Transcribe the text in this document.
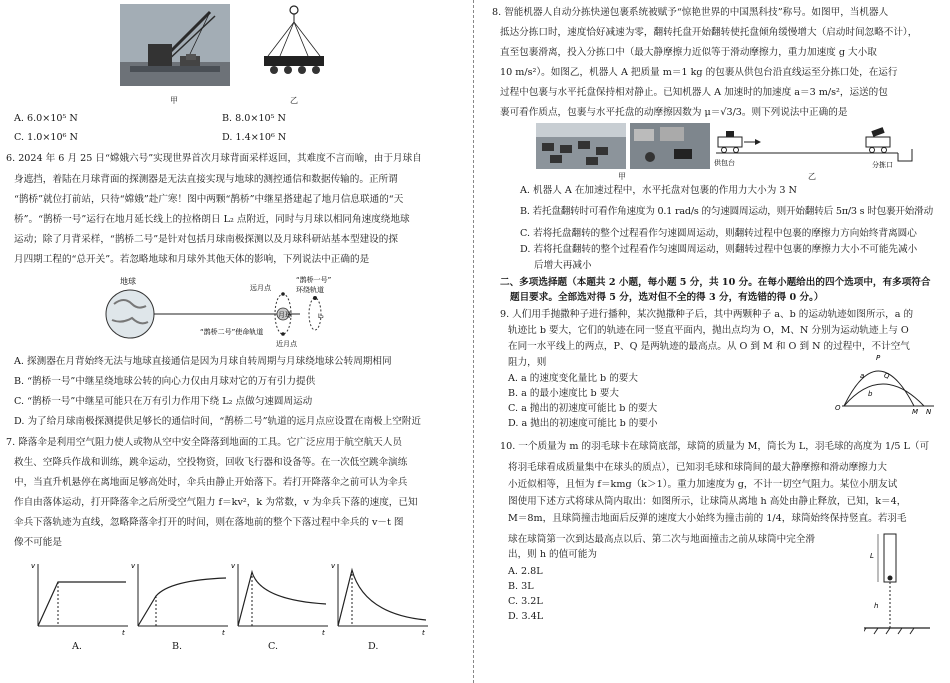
甲	乙
A. 6.0×10⁵ N	B. 8.0×10⁵ N
C. 1.0×10⁶ N	D. 1.4×10⁶ N
6. 2024 年 6 月 25 日“嫦娥六号”实现世界首次月球背面采样返回，其难度不言而喻，由于月球自
身遮挡，着陆在月球背面的探测器是无法直接实现与地球的测控通信和数据传输的。正所谓
“鹊桥”就位打前站，只待“嫦娥”赴广寒！图中两颗“鹊桥”中继星搭建起了地月信息联通的“天
桥”。“鹊桥一号”运行在地月延长线上的拉格朗日 L₂ 点附近，同时与月球以相同角速度绕地球
运动；除了月背采样，“鹊桥二号”是针对包括月球南极探测以及月球科研站基本型建设的探
月四期工程的“总开关”。若忽略地球和月球外其他天体的影响，下列说法中正确的是
地球
月球
“鹊桥一号”
环绕轨道
远月点
“鹊桥二号”使命轨道
近月点
L₂
A. 探测器在月背始终无法与地球直接通信是因为月球自转周期与月球绕地球公转周期相同
B. “鹊桥一号”中继星绕地球公转的向心力仅由月球对它的万有引力提供
C. “鹊桥一号”中继星可能只在万有引力作用下绕 L₂ 点做匀速圆周运动
D. 为了给月球南极探测提供足够长的通信时间，“鹊桥二号”轨道的远月点应设置在南极上空附近
7. 降落伞是利用空气阻力使人或物从空中安全降落到地面的工具。它广泛应用于航空航天人员
救生、空降兵作战和训练，跳伞运动，空投物资，回收飞行器和设备等。在一次低空跳伞演练
中，当直升机悬停在离地面足够高处时，伞兵由静止开始落下。若打开降落伞之前可认为伞兵
作自由落体运动，打开降落伞之后所受空气阻力 f＝kv²，k 为常数，v 为伞兵下落的速度，已知
伞兵下落轨迹为直线，忽略降落伞打开的时间，则在落地前的整个下落过程中伞兵的 v－t 图
像不可能是
v
t
v
t
v
t
v
t
A.	B.	C.	D.
8. 智能机器人自动分拣快递包裹系统被赋予“惊艳世界的中国黑科技”称号。如图甲，当机器人
抵达分拣口时，速度恰好减速为零，翻转托盘开始翻转使托盘倾角缓慢增大（启动时间忽略不计），
直至包裹滑离，投入分拣口中（最大静摩擦力近似等于滑动摩擦力，重力加速度 g 大小取
10 m/s²）。如图乙，机器人 A 把质量 m＝1 kg 的包裹从供包台沿直线运至分拣口处，在运行
过程中包裹与水平托盘保持相对静止。已知机器人 A 加速时的加速度 a＝3 m/s²，运送的包
裹可看作质点，包裹与水平托盘的动摩擦因数为 μ＝√3/3。则下列说法中正确的是
供包台	分拣口
甲	乙
A. 机器人 A 在加速过程中，水平托盘对包裹的作用力大小为 3 N
B. 若托盘翻转时可看作角速度为 0.1 rad/s 的匀速圆周运动，则开始翻转后 5π/3 s 时包裹开始滑动
C. 若将托盘翻转的整个过程看作匀速圆周运动，则翻转过程中包裹的摩擦力方向始终背离圆心
D. 若将托盘翻转的整个过程看作匀速圆周运动，则翻转过程中包裹的摩擦力大小不可能先减小
后增大再减小
二、多项选择题（本题共 2 小题，每小题 5 分，共 10 分。在每小题给出的四个选项中，有多项符合
题目要求。全部选对得 5 分，选对但不全的得 3 分，有选错的得 0 分。）
9. 人们用手抛撒种子进行播种，某次抛撒种子后，其中两颗种子 a、b 的运动轨迹如图所示，a 的
轨迹比 b 要大，它们的轨迹在同一竖直平面内，抛出点均为 O，M、N 分别为运动轨迹上与 O
在同一水平线上的两点，P、Q 是两轨迹的最高点。从 O 到 M 和 O 到 N 的过程中，不计空气
阻力，则
A. a 的速度变化量比 b 的要大
B. a 的最小速度比 b 要大
C. a 抛出的初速度可能比 b 的要大
D. a 抛出的初速度可能比 b 的要小
P
Q
a
b
O	M N
10. 一个质量为 m 的羽毛球卡在球筒底部，球筒的质量为 M，筒长为 L，羽毛球的高度为 1/5 L（可
将羽毛球看成质量集中在球头的质点），已知羽毛球和球筒间的最大静摩擦和滑动摩擦力大
小近似相等，且恒为 f＝kmg（k＞1）。重力加速度为 g，不计一切空气阻力。某位小朋友试
图使用下述方式将球从筒内取出：如图所示，让球筒从离地 h 高处由静止释放，已知，k＝4，
M＝8m，且球筒撞击地面后反弹的速度大小始终为撞击前的 1/4，球筒始终保持竖直。若羽毛
球在球筒第一次到达最高点以后、第二次与地面撞击之前从球筒中完全滑
出，则 h 的值可能为
A. 2.8L
B. 3L
C. 3.2L
D. 3.4L
L
h
